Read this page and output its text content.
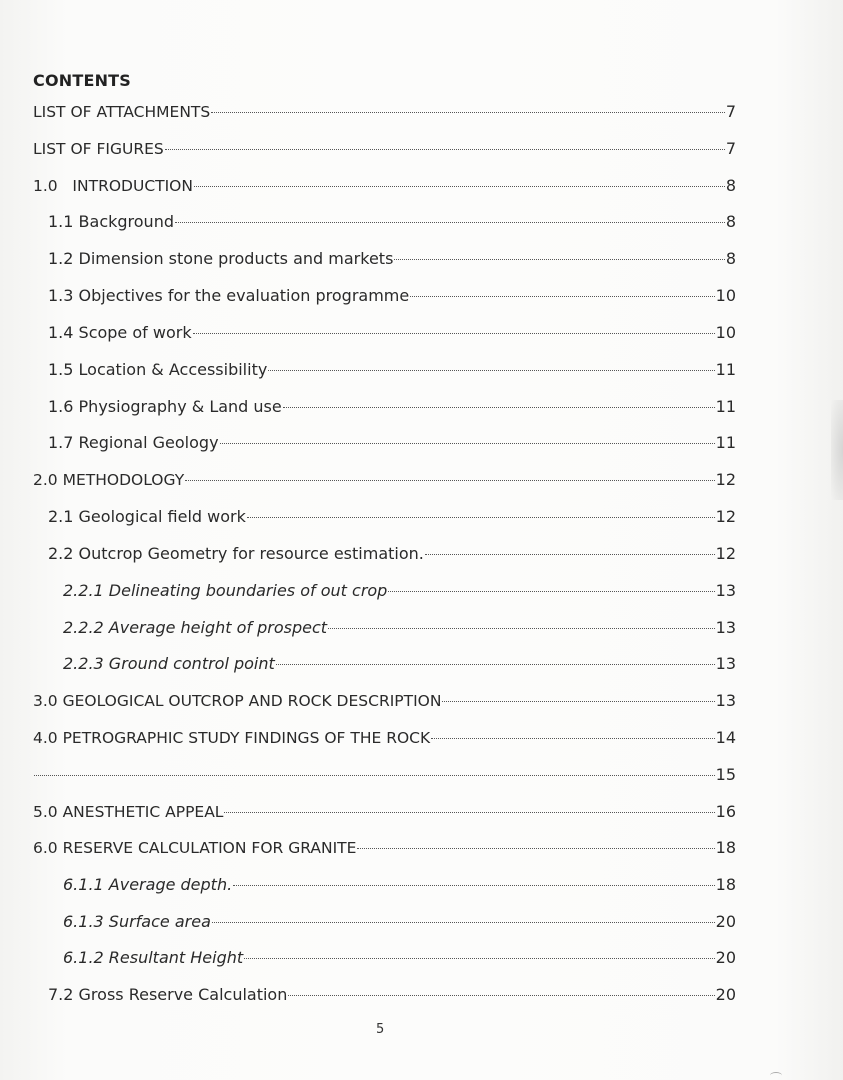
CONTENTS
LIST OF ATTACHMENTS	7
LIST OF FIGURES	7
1.0   INTRODUCTION	8
1.1 Background	8
1.2 Dimension stone products and markets	8
1.3 Objectives for the evaluation programme	10
1.4 Scope of work	10
1.5 Location & Accessibility	11
1.6 Physiography & Land use	11
1.7 Regional Geology	11
2.0 METHODOLOGY	12
2.1 Geological field work	12
2.2 Outcrop Geometry for resource estimation.	12
2.2.1 Delineating boundaries of out crop	13
2.2.2 Average height of prospect	13
2.2.3 Ground control point	13
3.0 GEOLOGICAL OUTCROP AND ROCK DESCRIPTION	13
4.0 PETROGRAPHIC STUDY FINDINGS OF THE ROCK	14
15
5.0 ANESTHETIC APPEAL	16
6.0 RESERVE CALCULATION FOR GRANITE	18
6.1.1 Average depth.	18
6.1.3 Surface area	20
6.1.2 Resultant Height	20
7.2 Gross Reserve Calculation	20
5
